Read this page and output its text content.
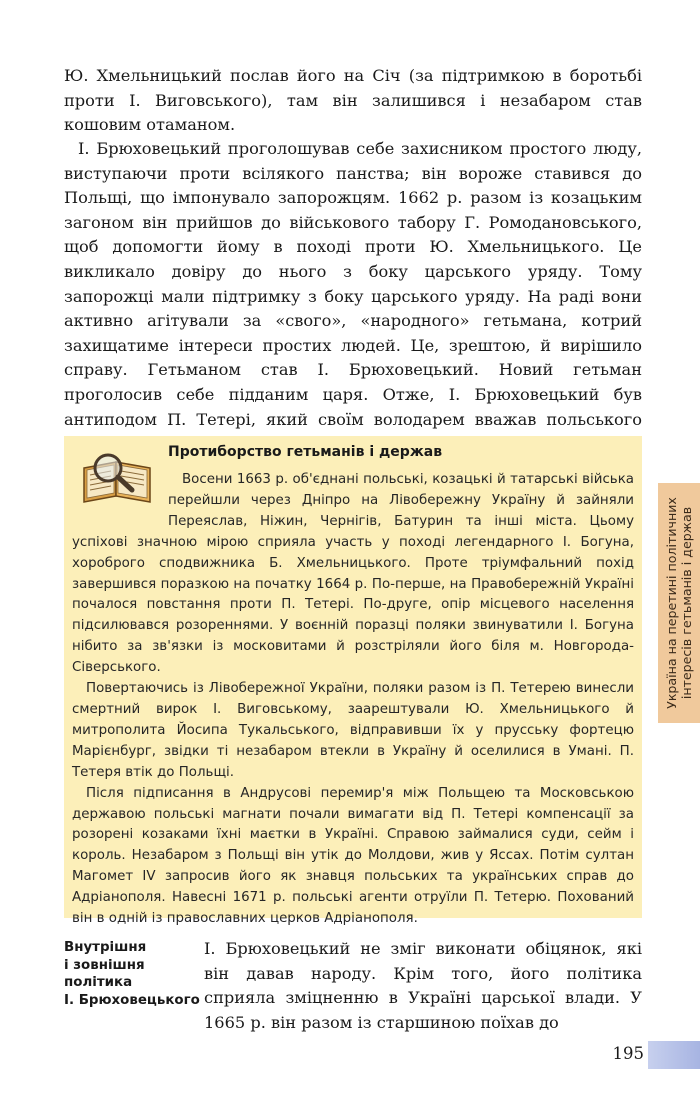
Ю. Хмельницький послав його на Січ (за підтримкою в боротьбі проти І. Виговського), там він залишився і незабаром став кошовим отаманом.

І. Брюховецький проголошував себе захисником простого люду, виступаючи проти всілякого панства; він вороже ставився до Польщі, що імпонувало запорожцям. 1662 р. разом із козацьким загоном він прийшов до військового табору Г. Ромодановського, щоб допомогти йому в поході проти Ю. Хмельницького. Це викликало довіру до нього з боку царського уряду. Тому запорожці мали підтримку з боку царського уряду. На раді вони активно агітували за «свого», «народного» гетьмана, котрий захищатиме інтереси простих людей. Це, зрештою, й вирішило справу. Гетьманом став І. Брюховецький. Новий гетьман проголосив себе підданим царя. Отже, І. Брюховецький був антиподом П. Тетері, який своїм володарем вважав польського

Протиборство гетьманів і держав

Восени 1663 р. об'єднані польські, козацькі й татарські війська перейшли через Дніпро на Лівобережну Україну й зайняли Переяслав, Ніжин, Чернігів, Батурин та інші міста. Цьому успіхові значною мірою сприяла участь у поході легендарного І. Богуна, хороброго сподвижника Б. Хмельницького. Проте тріумфальний похід завершився поразкою на початку 1664 р. По-перше, на Правобережній Україні почалося повстання проти П. Тетері. По-друге, опір місцевого населення підсилювався розореннями. У воєнній поразці поляки звинуватили І. Богуна нібито за зв'язки із московитами й розстріляли його біля м. Новгорода-Сіверського.

Повертаючись із Лівобережної України, поляки разом із П. Тетерею винесли смертний вирок І. Виговському, заарештували Ю. Хмельницького й митрополита Йосипа Тукальського, відправивши їх у прусську фортецю Марієнбург, звідки ті незабаром втекли в Україну й оселилися в Умані. П. Тетеря втік до Польщі.

Після підписання в Андрусові перемир'я між Польщею та Московською державою польські магнати почали вимагати від П. Тетері компенсації за розорені козаками їхні маєтки в Україні. Справою займалися суди, сейм і король. Незабаром з Польщі він утік до Молдови, жив у Яссах. Потім султан Магомет IV запросив його як знавця польських та українських справ до Адріанополя. Навесні 1671 р. польські агенти отруїли П. Тетерю. Похований він в одній із православних церков Адріанополя.

Україна на перетині політичних інтересів гетьманів і держав
Внутрішня
і зовнішня
політика
І. Брюховецького
І. Брюховецький не зміг виконати обіцянок, які він давав народу. Крім того, його політика сприяла зміцненню в Україні царської влади. У 1665 р. він разом із старшиною поїхав до
195
